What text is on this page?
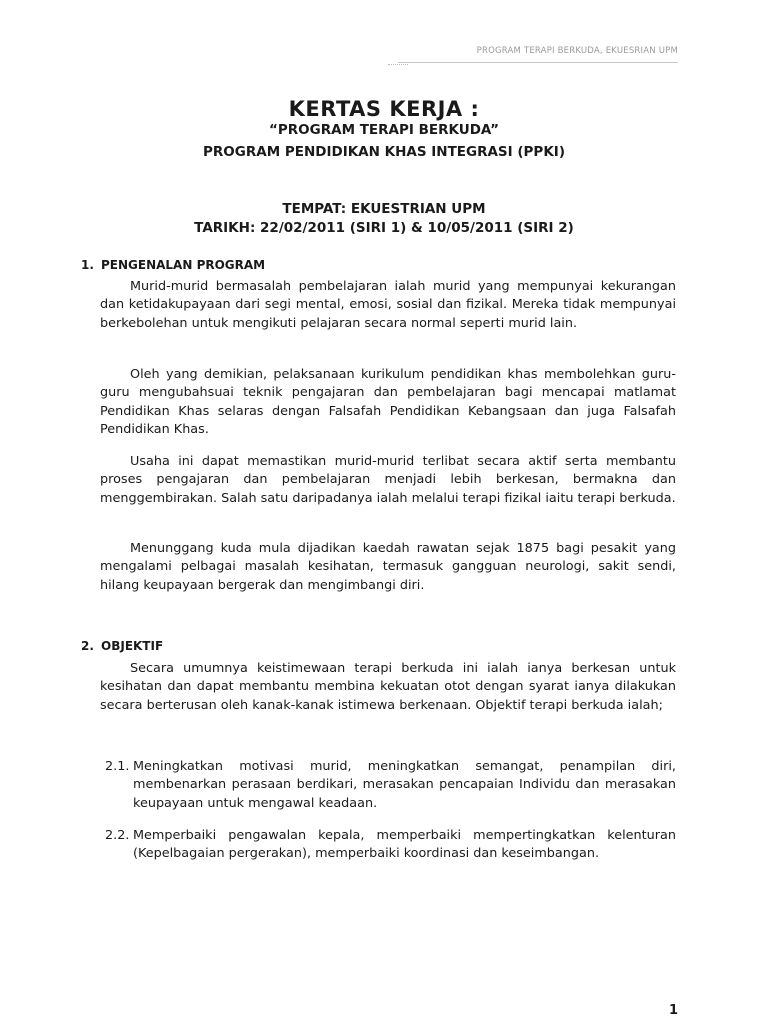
PROGRAM TERAPI BERKUDA, EKUESRIAN UPM
KERTAS KERJA :
“PROGRAM TERAPI BERKUDA”
PROGRAM PENDIDIKAN KHAS INTEGRASI (PPKI)
TEMPAT: EKUESTRIAN UPM
TARIKH: 22/02/2011 (SIRI 1) & 10/05/2011 (SIRI 2)
1. PENGENALAN PROGRAM

Murid-murid bermasalah pembelajaran ialah murid yang mempunyai kekurangan dan ketidakupayaan dari segi mental, emosi, sosial dan fizikal. Mereka tidak mempunyai berkebolehan untuk mengikuti pelajaran secara normal seperti murid lain.

Oleh yang demikian, pelaksanaan kurikulum pendidikan khas membolehkan guru-guru mengubahsuai teknik pengajaran dan pembelajaran bagi mencapai matlamat Pendidikan Khas selaras dengan Falsafah Pendidikan Kebangsaan dan juga Falsafah Pendidikan Khas.

Usaha ini dapat memastikan murid-murid terlibat secara aktif serta membantu proses pengajaran dan pembelajaran menjadi lebih berkesan, bermakna dan menggembirakan. Salah satu daripadanya ialah melalui terapi fizikal iaitu terapi berkuda.

Menunggang kuda mula dijadikan kaedah rawatan sejak 1875 bagi pesakit yang mengalami pelbagai masalah kesihatan, termasuk gangguan neurologi, sakit sendi, hilang keupayaan bergerak dan mengimbangi diri.

2. OBJEKTIF

Secara umumnya keistimewaan terapi berkuda ini ialah ianya berkesan untuk kesihatan dan dapat membantu membina kekuatan otot dengan syarat ianya dilakukan secara berterusan oleh kanak-kanak istimewa berkenaan. Objektif terapi berkuda ialah;

2.1. Meningkatkan motivasi murid, meningkatkan semangat, penampilan diri, membenarkan perasaan berdikari, merasakan pencapaian Individu dan merasakan keupayaan untuk mengawal keadaan.
2.2. Memperbaiki pengawalan kepala, memperbaiki mempertingkatkan kelenturan (Kepelbagaian pergerakan), memperbaiki koordinasi dan keseimbangan.
1
